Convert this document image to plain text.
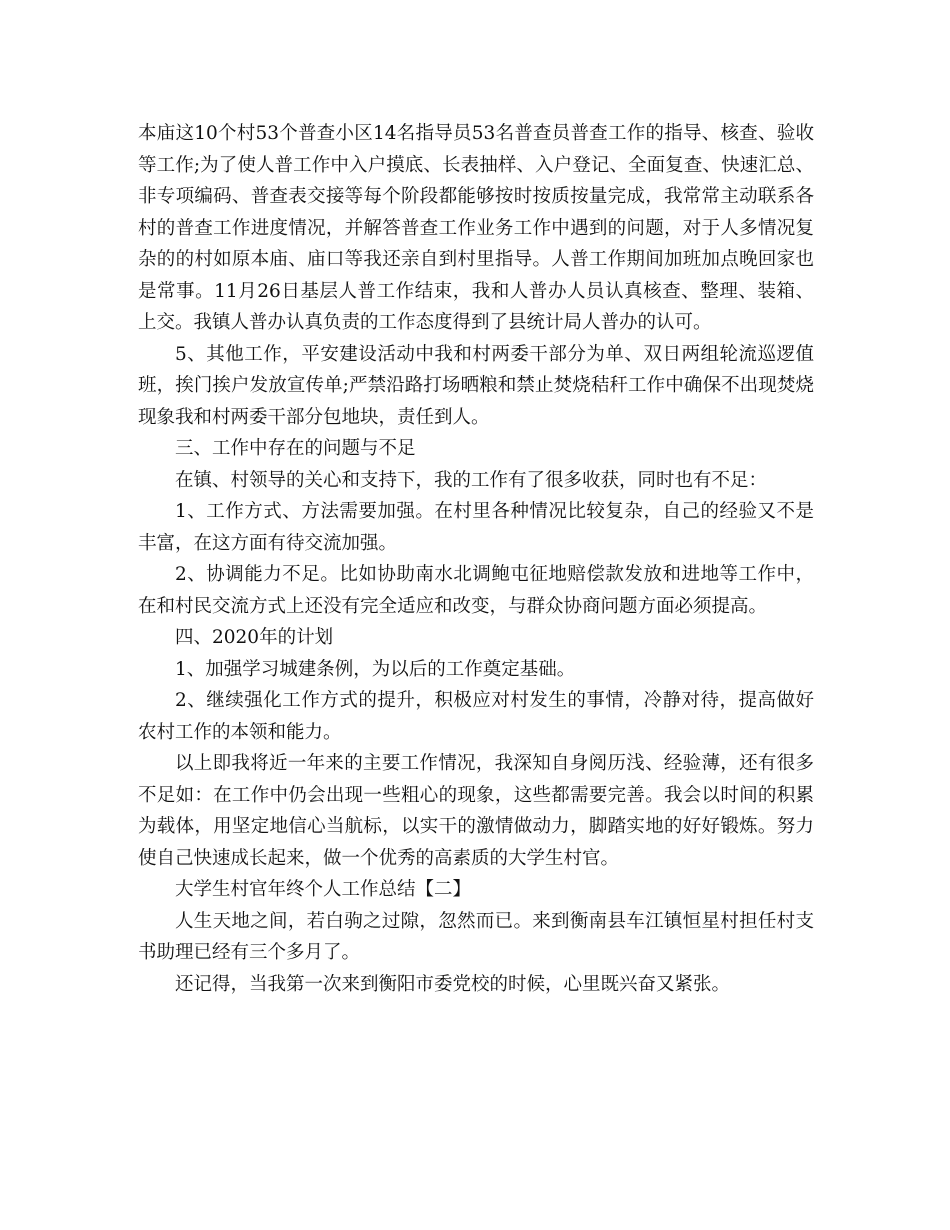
本庙这10个村53个普查小区14名指导员53名普查员普查工作的指导、核查、验收等工作;为了使人普工作中入户摸底、长表抽样、入户登记、全面复查、快速汇总、非专项编码、普查表交接等每个阶段都能够按时按质按量完成，我常常主动联系各村的普查工作进度情况，并解答普查工作业务工作中遇到的问题，对于人多情况复杂的的村如原本庙、庙口等我还亲自到村里指导。人普工作期间加班加点晚回家也是常事。11月26日基层人普工作结束，我和人普办人员认真核查、整理、装箱、上交。我镇人普办认真负责的工作态度得到了县统计局人普办的认可。

5、其他工作，平安建设活动中我和村两委干部分为单、双日两组轮流巡逻值班，挨门挨户发放宣传单;严禁沿路打场晒粮和禁止焚烧秸秆工作中确保不出现焚烧现象我和村两委干部分包地块，责任到人。

三、工作中存在的问题与不足

在镇、村领导的关心和支持下，我的工作有了很多收获，同时也有不足：

1、工作方式、方法需要加强。在村里各种情况比较复杂，自己的经验又不是丰富，在这方面有待交流加强。

2、协调能力不足。比如协助南水北调鲍屯征地赔偿款发放和进地等工作中，在和村民交流方式上还没有完全适应和改变，与群众协商问题方面必须提高。

四、2020年的计划

1、加强学习城建条例，为以后的工作奠定基础。

2、继续强化工作方式的提升，积极应对村发生的事情，冷静对待，提高做好农村工作的本领和能力。

以上即我将近一年来的主要工作情况，我深知自身阅历浅、经验薄，还有很多不足如：在工作中仍会出现一些粗心的现象，这些都需要完善。我会以时间的积累为载体，用坚定地信心当航标，以实干的激情做动力，脚踏实地的好好锻炼。努力使自己快速成长起来，做一个优秀的高素质的大学生村官。

大学生村官年终个人工作总结【二】

人生天地之间，若白驹之过隙，忽然而已。来到衡南县车江镇恒星村担任村支书助理已经有三个多月了。

还记得，当我第一次来到衡阳市委党校的时候，心里既兴奋又紧张。
